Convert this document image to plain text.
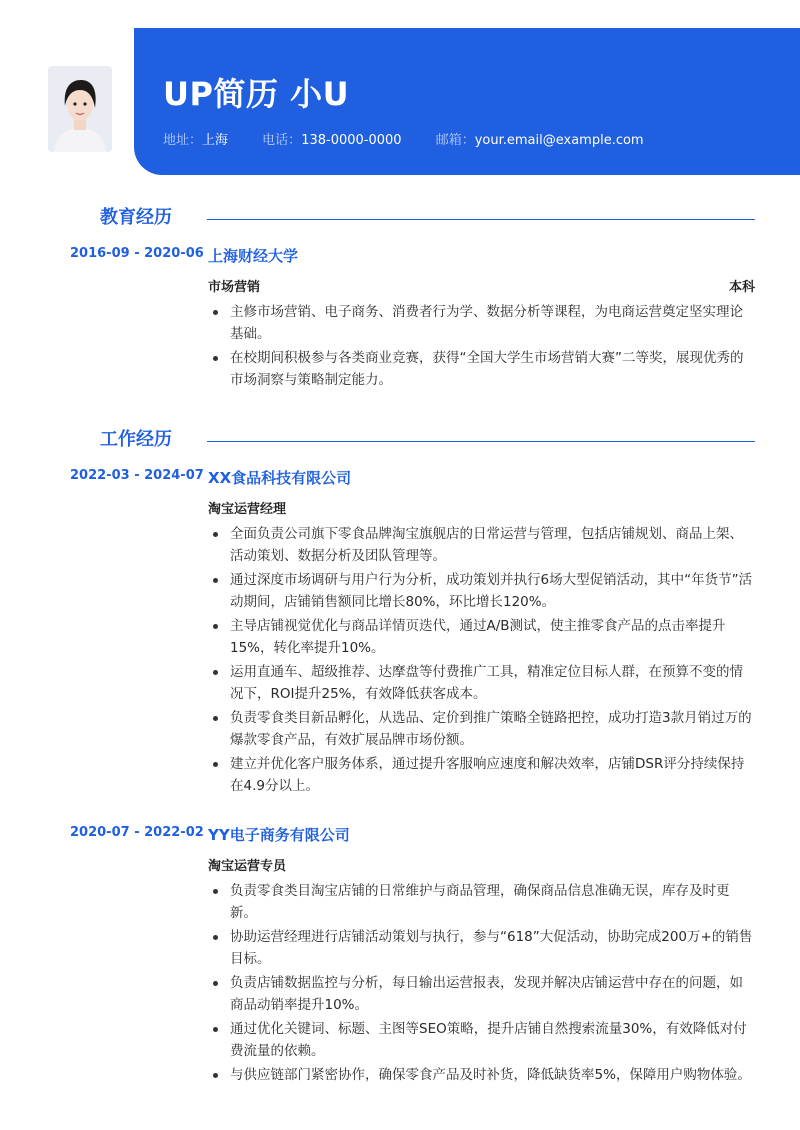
UP简历 小U
地址：上海	电话：138-0000-0000	邮箱：your.email@example.com
教育经历
2016-09 - 2020-06 上海财经大学
市场营销	本科
主修市场营销、电子商务、消费者行为学、数据分析等课程，为电商运营奠定坚实理论基础。
在校期间积极参与各类商业竞赛，获得“全国大学生市场营销大赛”二等奖，展现优秀的市场洞察与策略制定能力。
工作经历
2022-03 - 2024-07 XX食品科技有限公司
淘宝运营经理
全面负责公司旗下零食品牌淘宝旗舰店的日常运营与管理，包括店铺规划、商品上架、活动策划、数据分析及团队管理等。
通过深度市场调研与用户行为分析，成功策划并执行6场大型促销活动，其中“年货节”活动期间，店铺销售额同比增长80%，环比增长120%。
主导店铺视觉优化与商品详情页迭代，通过A/B测试，使主推零食产品的点击率提升15%，转化率提升10%。
运用直通车、超级推荐、达摩盘等付费推广工具，精准定位目标人群，在预算不变的情况下，ROI提升25%，有效降低获客成本。
负责零食类目新品孵化，从选品、定价到推广策略全链路把控，成功打造3款月销过万的爆款零食产品，有效扩展品牌市场份额。
建立并优化客户服务体系，通过提升客服响应速度和解决效率，店铺DSR评分持续保持在4.9分以上。
2020-07 - 2022-02 YY电子商务有限公司
淘宝运营专员
负责零食类目淘宝店铺的日常维护与商品管理，确保商品信息准确无误，库存及时更新。
协助运营经理进行店铺活动策划与执行，参与“618”大促活动，协助完成200万+的销售目标。
负责店铺数据监控与分析，每日输出运营报表，发现并解决店铺运营中存在的问题，如商品动销率提升10%。
通过优化关键词、标题、主图等SEO策略，提升店铺自然搜索流量30%，有效降低对付费流量的依赖。
与供应链部门紧密协作，确保零食产品及时补货，降低缺货率5%，保障用户购物体验。
